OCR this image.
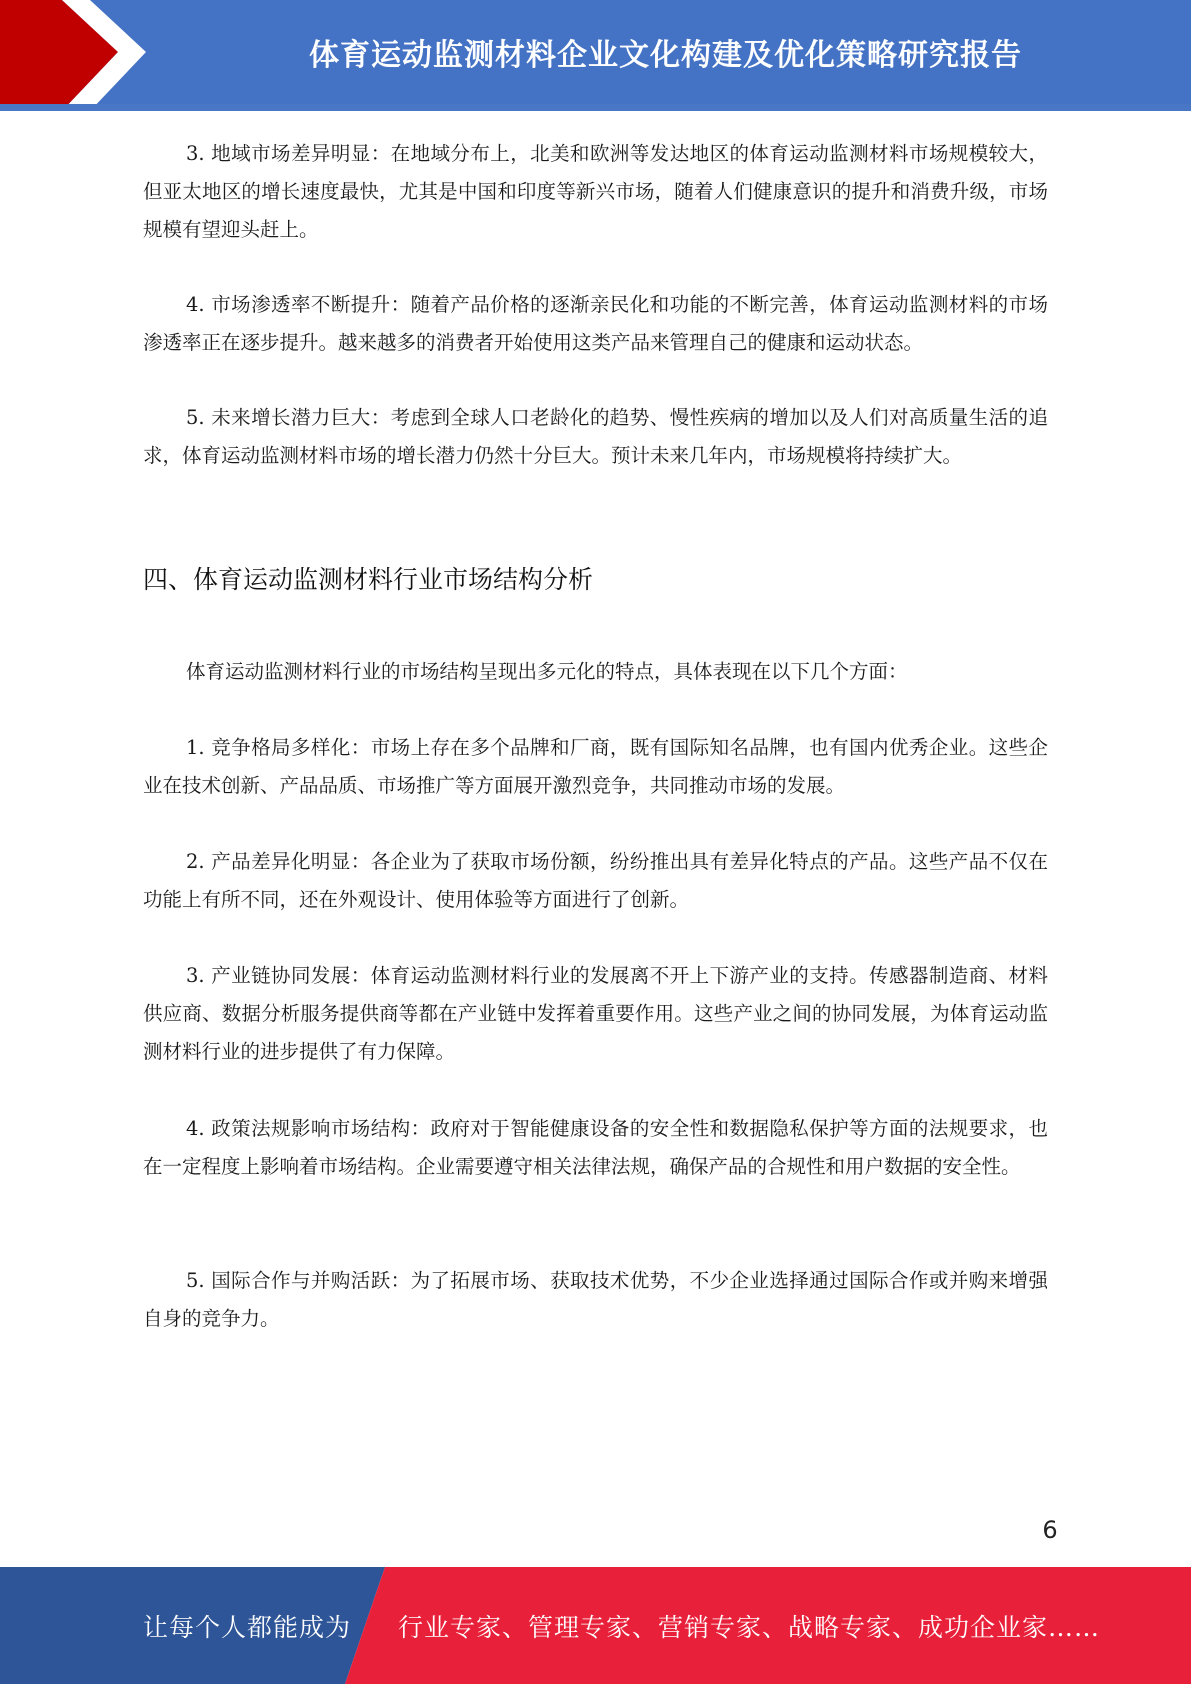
体育运动监测材料企业文化构建及优化策略研究报告

3. 地域市场差异明显：在地域分布上，北美和欧洲等发达地区的体育运动监测材料市场规模较大，但亚太地区的增长速度最快，尤其是中国和印度等新兴市场，随着人们健康意识的提升和消费升级，市场规模有望迎头赶上。

4. 市场渗透率不断提升：随着产品价格的逐渐亲民化和功能的不断完善，体育运动监测材料的市场渗透率正在逐步提升。越来越多的消费者开始使用这类产品来管理自己的健康和运动状态。

5. 未来增长潜力巨大：考虑到全球人口老龄化的趋势、慢性疾病的增加以及人们对高质量生活的追求，体育运动监测材料市场的增长潜力仍然十分巨大。预计未来几年内，市场规模将持续扩大。

四、体育运动监测材料行业市场结构分析

体育运动监测材料行业的市场结构呈现出多元化的特点，具体表现在以下几个方面：

1. 竞争格局多样化：市场上存在多个品牌和厂商，既有国际知名品牌，也有国内优秀企业。这些企业在技术创新、产品品质、市场推广等方面展开激烈竞争，共同推动市场的发展。

2. 产品差异化明显：各企业为了获取市场份额，纷纷推出具有差异化特点的产品。这些产品不仅在功能上有所不同，还在外观设计、使用体验等方面进行了创新。

3. 产业链协同发展：体育运动监测材料行业的发展离不开上下游产业的支持。传感器制造商、材料供应商、数据分析服务提供商等都在产业链中发挥着重要作用。这些产业之间的协同发展，为体育运动监测材料行业的进步提供了有力保障。

4. 政策法规影响市场结构：政府对于智能健康设备的安全性和数据隐私保护等方面的法规要求，也在一定程度上影响着市场结构。企业需要遵守相关法律法规，确保产品的合规性和用户数据的安全性。

5. 国际合作与并购活跃：为了拓展市场、获取技术优势，不少企业选择通过国际合作或并购来增强自身的竞争力。

6
让每个人都能成为 行业专家、管理专家、营销专家、战略专家、成功企业家……
